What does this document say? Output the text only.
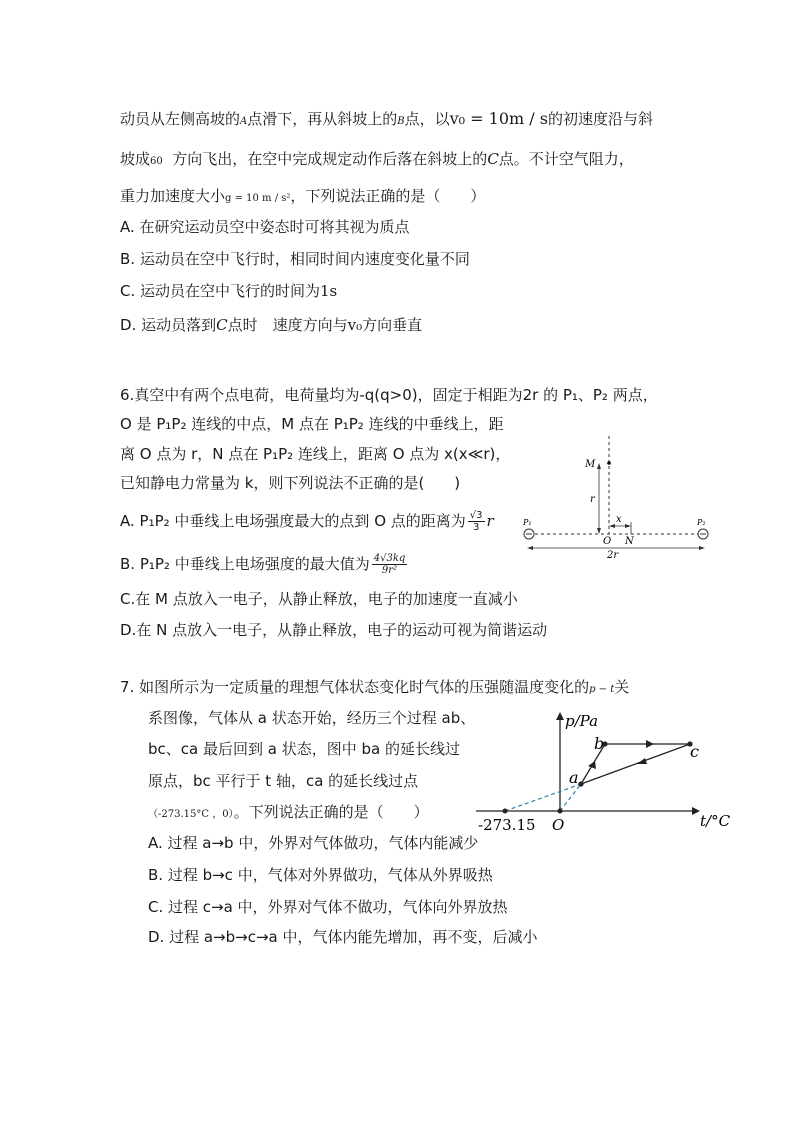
动员从左侧高坡的A点滑下，再从斜坡上的B点，以v₀ = 10m / s的初速度沿与斜
坡成60 方向飞出，在空中完成规定动作后落在斜坡上的C点。不计空气阻力，
重力加速度大小g = 10 m / s²，下列说法正确的是（　　）
A. 在研究运动员空中姿态时可将其视为质点
B. 运动员在空中飞行时，相同时间内速度变化量不同
C. 运动员在空中飞行的时间为1s
D. 运动员落到C点时　速度方向与v₀方向垂直
6.真空中有两个点电荷，电荷量均为-q(q>0)，固定于相距为2r 的 P₁、P₂ 两点，
O 是 P₁P₂ 连线的中点，M 点在 P₁P₂ 连线的中垂线上，距
离 O 点为 r，N 点在 P₁P₂ 连线上，距离 O 点为 x(x≪r)，
已知静电力常量为 k，则下列说法不正确的是(　　)
A. P₁P₂ 中垂线上电场强度最大的点到 O 点的距离为 $\frac{√3}{3}$ r
B. P₁P₂ 中垂线上电场强度的最大值为 $\frac{4√3kq}{\text{9r²}}$
C.在 M 点放入一电子，从静止释放，电子的加速度一直减小
D.在 N 点放入一电子，从静止释放，电子的运动可视为简谐运动
M
r
x
P₁	P₂
O N
2r
7. 如图所示为一定质量的理想气体状态变化时气体的压强随温度变化的p − t关
系图像，气体从 a 状态开始，经历三个过程 ab、
bc、ca 最后回到 a 状态，图中 ba 的延长线过
原点，bc 平行于 t 轴，ca 的延长线过点
（-273.15°C ，0）。下列说法正确的是（　　）
A. 过程 a→b 中，外界对气体做功，气体内能减少
B. 过程 b→c 中，气体对外界做功，气体从外界吸热
C. 过程 c→a 中，外界对气体不做功，气体向外界放热
D. 过程 a→b→c→a 中，气体内能先增加，再不变，后减小
p/Pa
t/°C
O
-273.15
a
b	c
